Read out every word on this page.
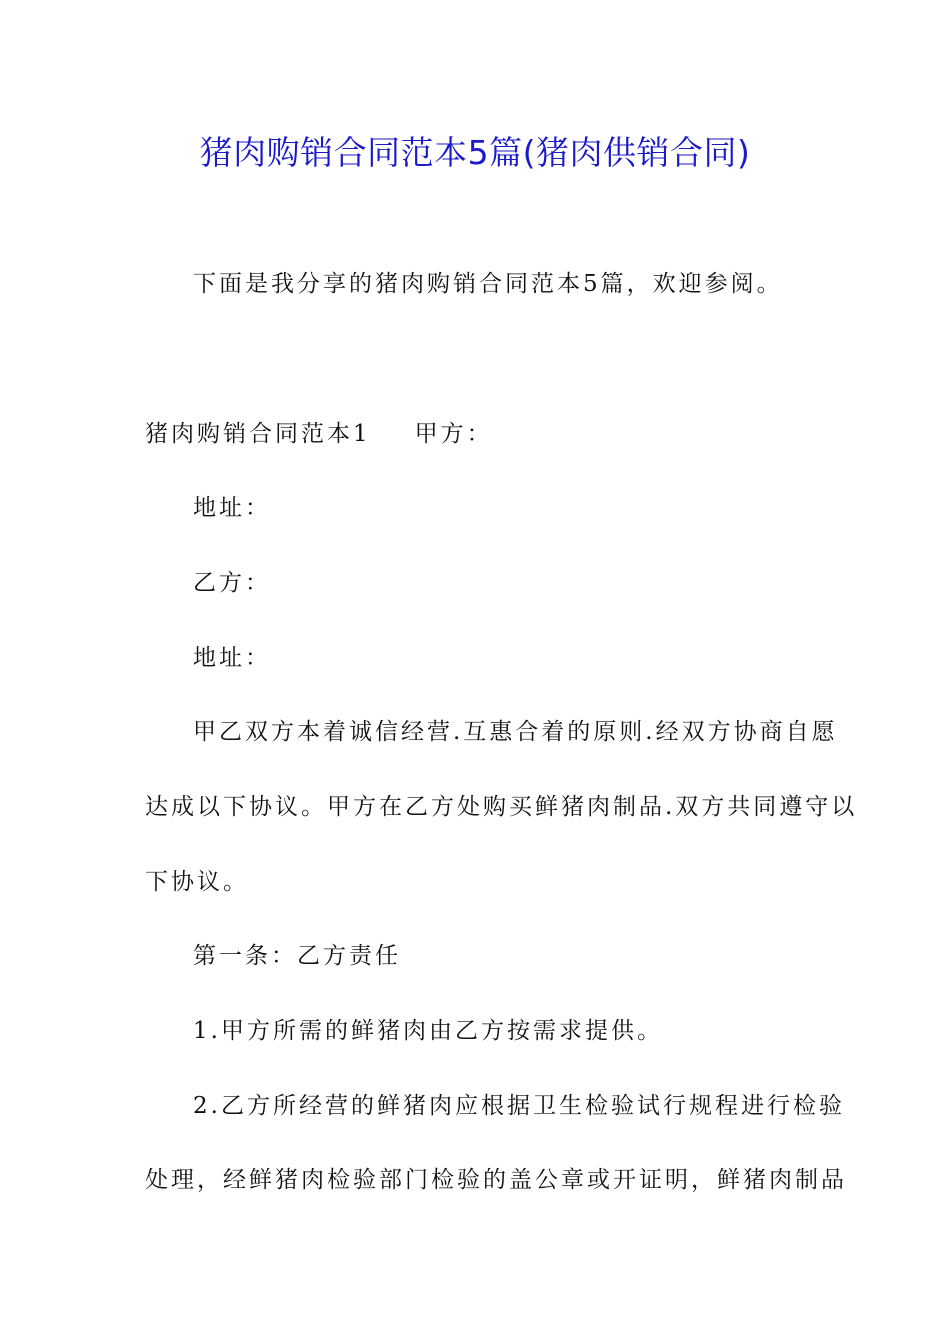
猪肉购销合同范本5篇(猪肉供销合同)
下面是我分享的猪肉购销合同范本5篇，欢迎参阅。
猪肉购销合同范本1 甲方：
地址：
乙方：
地址：
甲乙双方本着诚信经营.互惠合着的原则.经双方协商自愿
达成以下协议。甲方在乙方处购买鲜猪肉制品.双方共同遵守以
下协议。
第一条：乙方责任
1.甲方所需的鲜猪肉由乙方按需求提供。
2.乙方所经营的鲜猪肉应根据卫生检验试行规程进行检验
处理，经鲜猪肉检验部门检验的盖公章或开证明，鲜猪肉制品
